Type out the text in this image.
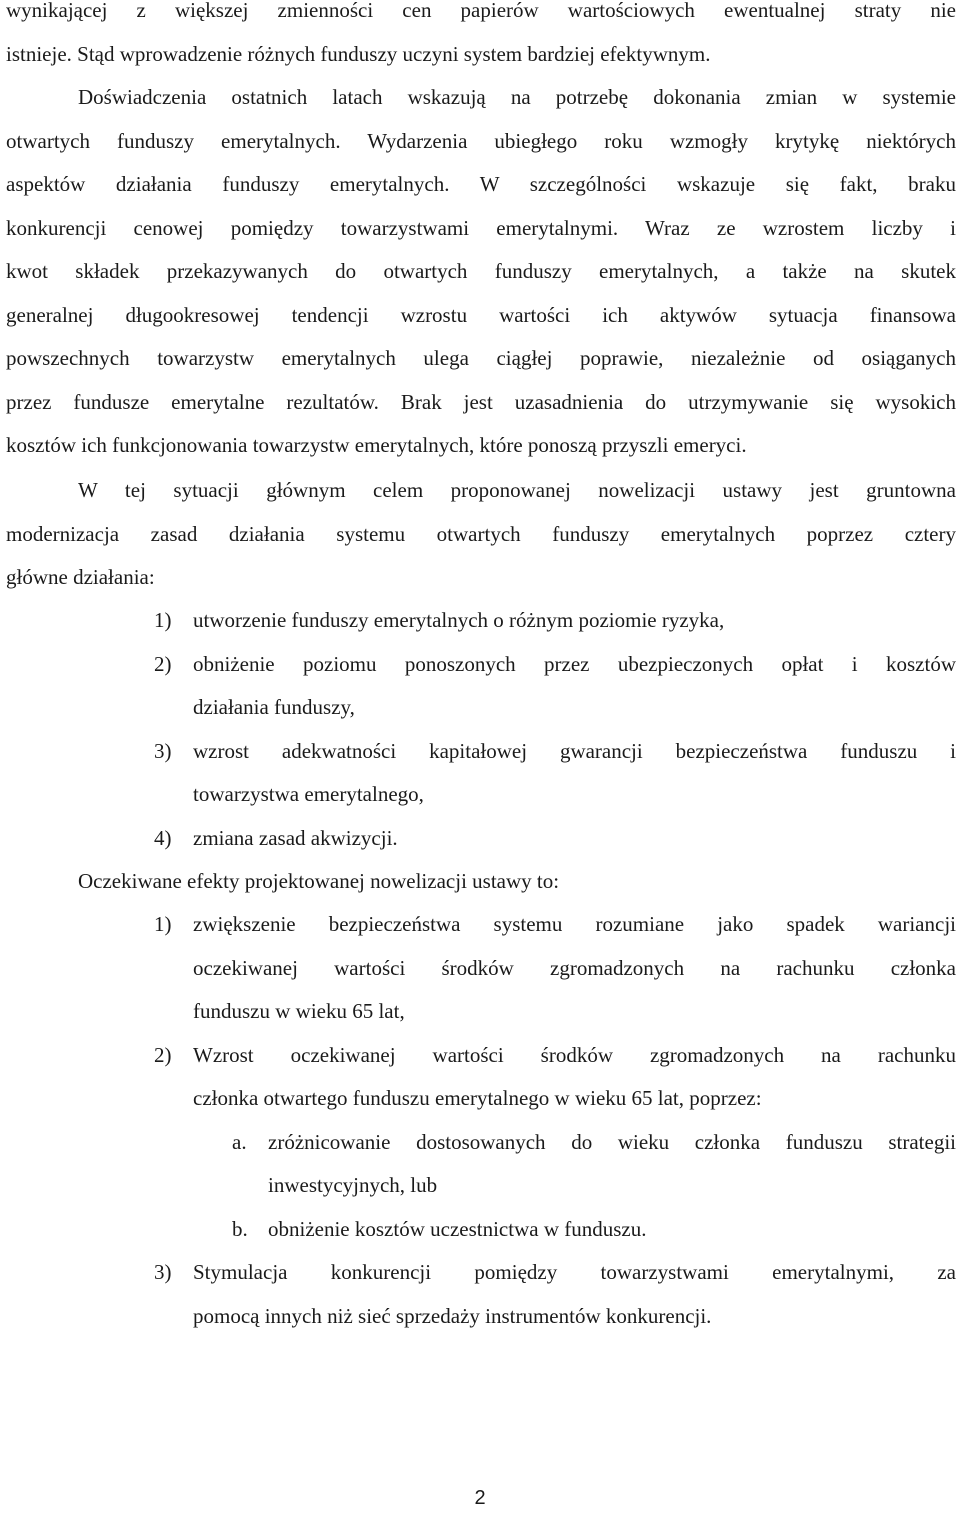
wynikającej z większej zmienności cen papierów wartościowych ewentualnej straty nie
istnieje. Stąd wprowadzenie różnych funduszy uczyni system bardziej efektywnym.

Doświadczenia ostatnich latach wskazują na potrzebę dokonania zmian w systemie
otwartych funduszy emerytalnych. Wydarzenia ubiegłego roku wzmogły krytykę niektórych
aspektów działania funduszy emerytalnych. W szczególności wskazuje się fakt, braku
konkurencji cenowej pomiędzy towarzystwami emerytalnymi. Wraz ze wzrostem liczby i
kwot składek przekazywanych do otwartych funduszy emerytalnych, a także na skutek
generalnej długookresowej tendencji wzrostu wartości ich aktywów sytuacja finansowa
powszechnych towarzystw emerytalnych ulega ciągłej poprawie, niezależnie od osiąganych
przez fundusze emerytalne rezultatów. Brak jest uzasadnienia do utrzymywanie się wysokich
kosztów ich funkcjonowania towarzystw emerytalnych, które ponoszą przyszli emeryci.

W tej sytuacji głównym celem proponowanej nowelizacji ustawy jest gruntowna
modernizacja zasad działania systemu otwartych funduszy emerytalnych poprzez cztery
główne działania:

1) utworzenie funduszy emerytalnych o różnym poziomie ryzyka,
2) obniżenie poziomu ponoszonych przez ubezpieczonych opłat i kosztów
działania funduszy,
3) wzrost adekwatności kapitałowej gwarancji bezpieczeństwa funduszu i
towarzystwa emerytalnego,
4) zmiana zasad akwizycji.

Oczekiwane efekty projektowanej nowelizacji ustawy to:

1) zwiększenie bezpieczeństwa systemu rozumiane jako spadek wariancji
oczekiwanej wartości środków zgromadzonych na rachunku członka
funduszu w wieku 65 lat,
2) Wzrost oczekiwanej wartości środków zgromadzonych na rachunku
członka otwartego funduszu emerytalnego w wieku 65 lat, poprzez:
a. zróżnicowanie dostosowanych do wieku członka funduszu strategii
inwestycyjnych, lub
b. obniżenie kosztów uczestnictwa w funduszu.
3) Stymulacja konkurencji pomiędzy towarzystwami emerytalnymi, za
pomocą innych niż sieć sprzedaży instrumentów konkurencji.
2
